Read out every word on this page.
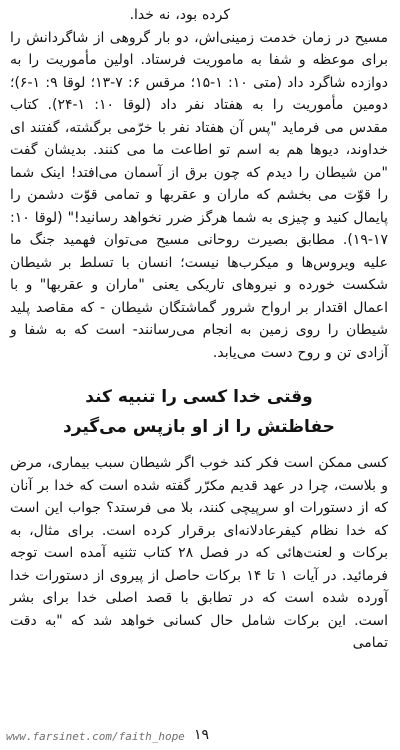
کرده بود، نه خدا.

مسیح در زمان خدمت زمینی‌اش، دو بار گروهی از شاگردانش را برای موعظه و شفا به ماموریت فرستاد. اولین مأموریت را به دوازده شاگرد داد (متی ۱۰: ۱-۱۵؛ مرقس ۶: ۷-۱۳؛ لوقا ۹: ۱-۶)؛ دومین مأموریت را به هفتاد نفر داد (لوقا ۱۰: ۱-۲۴). کتاب مقدس می فرماید "پس آن هفتاد نفر با خرّمی برگشته، گفتند ای خداوند، دیوها هم به اسم تو اطاعت ما می کنند. بدیشان گفت "من شیطان را دیدم که چون برق از آسمان می‌افتد! اینک شما را قوّت می بخشم که ماران و عقربها و تمامی قوّت دشمن را پایمال کنید و چیزی به شما هرگز ضرر نخواهد رسانید!" (لوقا ۱۰: ۱۷-۱۹). مطابق بصیرت روحانی مسیح می‌توان فهمید جنگ ما علیه ویروس‌ها و میکرب‌ها نیست؛ انسان با تسلط بر شیطان شکست خورده و نیروهای تاریکی یعنی "ماران و عقربها" و با اعمال اقتدار بر ارواح شرور گماشتگان شیطان - که مقاصد پلید شیطان را روی زمین به انجام می‌رسانند- است که به شفا و آزادی تن و روح دست می‌یابد.

وقتی خدا کسی را تنبیه کند
حفاظتش را از او بازپس می‌گیرد

کسی ممکن است فکر کند خوب اگر شیطان سبب بیماری، مرض و بلاست، چرا در عهد قدیم مکرّر گفته شده است که خدا بر آنان که از دستورات او سرپیچی کنند، بلا می فرستد؟ جواب این است که خدا نظام کیفرعادلانه‌ای برقرار کرده است. برای مثال، به برکات و لعنت‌هائی که در فصل ۲۸ کتاب تثنیه آمده است توجه فرمائید. در آیات ۱ تا ۱۴ برکات حاصل از پیروی از دستورات خدا آورده شده است که در تطابق با قصد اصلی خدا برای بشر است. این برکات شامل حال کسانی خواهد شد که "به دقت تمامی

www.farsinet.com/faith_hope ۱۹
